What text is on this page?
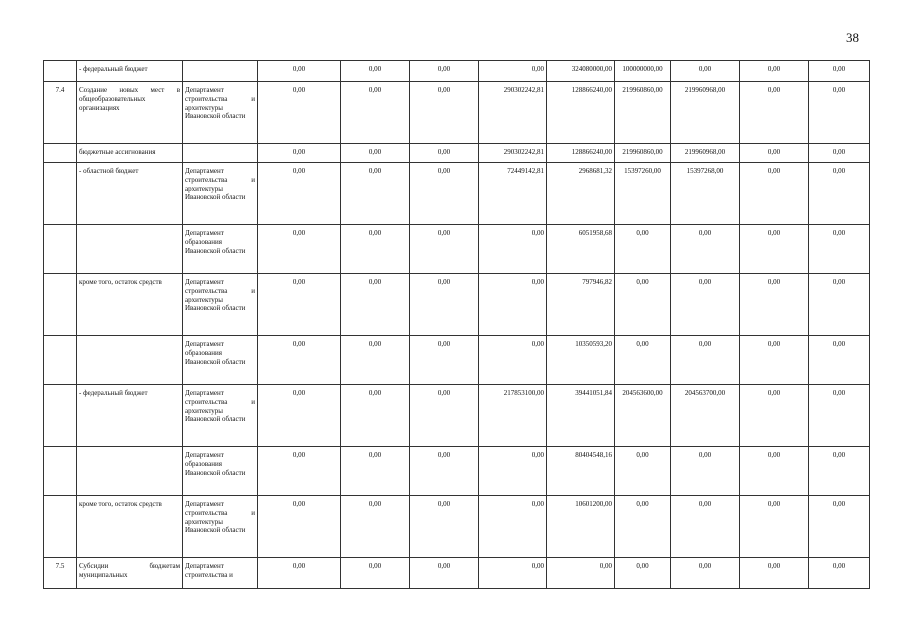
38
	- федеральный бюджет		0,00	0,00	0,00	0,00	324080000,00	100000000,00	0,00	0,00	0,00
7.4	Создание новых мест в общеобразовательных организациях	Департамент строительства и архитектуры Ивановской области	0,00	0,00	0,00	290302242,81	128866240,00	219960860,00	219960968,00	0,00	0,00
	бюджетные ассигнования		0,00	0,00	0,00	290302242,81	128866240,00	219960860,00	219960968,00	0,00	0,00
	- областной бюджет	Департамент строительства и архитектуры Ивановской области	0,00	0,00	0,00	72449142,81	2968681,32	15397260,00	15397268,00	0,00	0,00
		Департамент образования Ивановской области	0,00	0,00	0,00	0,00	6051958,68	0,00	0,00	0,00	0,00
	кроме того, остаток средств	Департамент строительства и архитектуры Ивановской области	0,00	0,00	0,00	0,00	797946,82	0,00	0,00	0,00	0,00
		Департамент образования Ивановской области	0,00	0,00	0,00	0,00	10350593,20	0,00	0,00	0,00	0,00
	- федеральный бюджет	Департамент строительства и архитектуры Ивановской области	0,00	0,00	0,00	217853100,00	39441051,84	204563600,00	204563700,00	0,00	0,00
		Департамент образования Ивановской области	0,00	0,00	0,00	0,00	80404548,16	0,00	0,00	0,00	0,00
	кроме того, остаток средств	Департамент строительства и архитектуры Ивановской области	0,00	0,00	0,00	0,00	10601200,00	0,00	0,00	0,00	0,00
7.5	Субсидии бюджетам муниципальных	Департамент строительства и	0,00	0,00	0,00	0,00	0,00	0,00	0,00	0,00	0,00
